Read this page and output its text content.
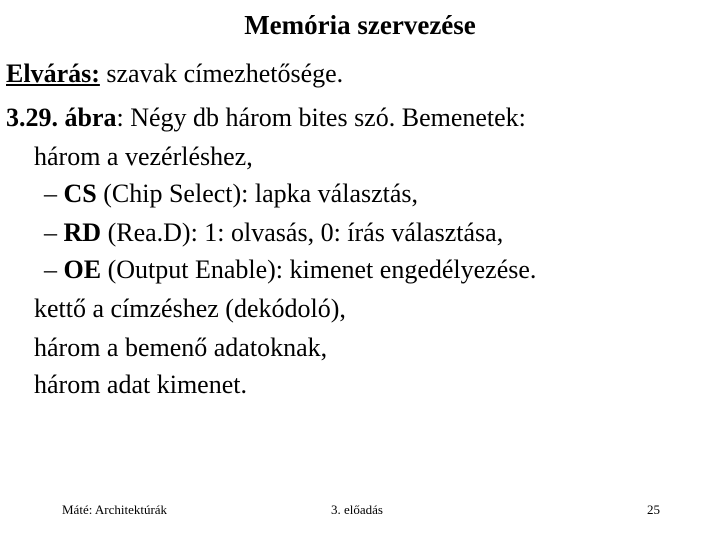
Memória szervezése
Elvárás: szavak címezhetősége.
3.29. ábra: Négy db három bites szó. Bemenetek:
három a vezérléshez,
– CS (Chip Select): lapka választás,
– RD (Rea.D): 1: olvasás, 0: írás választása,
– OE (Output Enable): kimenet engedélyezése.
kettő a címzéshez (dekódoló),
három a bemenő adatoknak,
három adat kimenet.
Máté: Architektúrák	3. előadás	25
